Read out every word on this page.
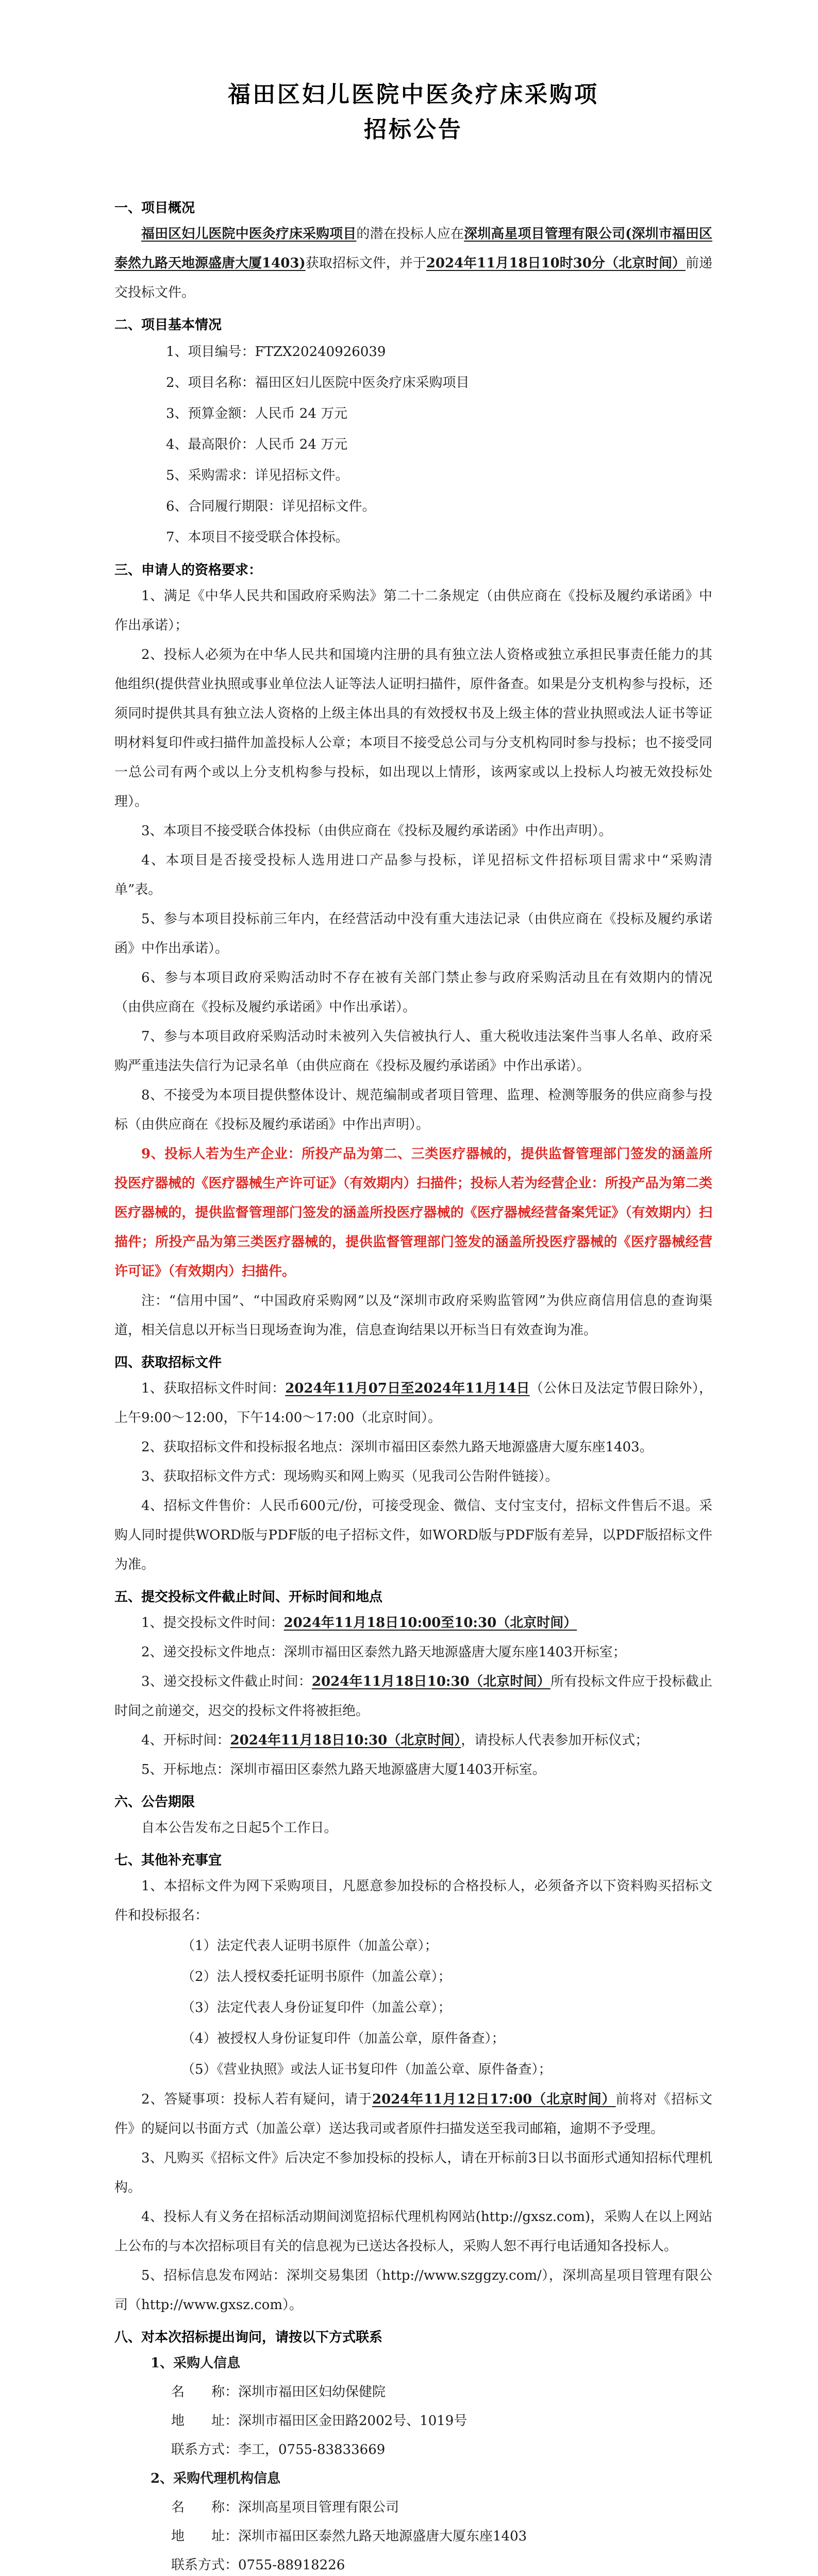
福田区妇儿医院中医灸疗床采购项

招标公告

一、项目概况

福田区妇儿医院中医灸疗床采购项目的潜在投标人应在深圳高星项目管理有限公司(深圳市福田区泰然九路天地源盛唐大厦1403)获取招标文件，并于2024年11月18日10时30分（北京时间）前递交投标文件。

二、项目基本情况

1、项目编号：FTZX20240926039

2、项目名称：福田区妇儿医院中医灸疗床采购项目

3、预算金额：人民币 24 万元

4、最高限价：人民币 24 万元

5、采购需求：详见招标文件。

6、合同履行期限：详见招标文件。

7、本项目不接受联合体投标。

三、申请人的资格要求：

1、满足《中华人民共和国政府采购法》第二十二条规定（由供应商在《投标及履约承诺函》中作出承诺）；

2、投标人必须为在中华人民共和国境内注册的具有独立法人资格或独立承担民事责任能力的其他组织(提供营业执照或事业单位法人证等法人证明扫描件，原件备查。如果是分支机构参与投标，还须同时提供其具有独立法人资格的上级主体出具的有效授权书及上级主体的营业执照或法人证书等证明材料复印件或扫描件加盖投标人公章；本项目不接受总公司与分支机构同时参与投标；也不接受同一总公司有两个或以上分支机构参与投标，如出现以上情形，该两家或以上投标人均被无效投标处理）。

3、本项目不接受联合体投标（由供应商在《投标及履约承诺函》中作出声明）。

4、本项目是否接受投标人选用进口产品参与投标，详见招标文件招标项目需求中“采购清单”表。

5、参与本项目投标前三年内，在经营活动中没有重大违法记录（由供应商在《投标及履约承诺函》中作出承诺）。

6、参与本项目政府采购活动时不存在被有关部门禁止参与政府采购活动且在有效期内的情况（由供应商在《投标及履约承诺函》中作出承诺）。

7、参与本项目政府采购活动时未被列入失信被执行人、重大税收违法案件当事人名单、政府采购严重违法失信行为记录名单（由供应商在《投标及履约承诺函》中作出承诺）。

8、不接受为本项目提供整体设计、规范编制或者项目管理、监理、检测等服务的供应商参与投标（由供应商在《投标及履约承诺函》中作出声明）。

9、投标人若为生产企业：所投产品为第二、三类医疗器械的，提供监督管理部门签发的涵盖所投医疗器械的《医疗器械生产许可证》（有效期内）扫描件；投标人若为经营企业：所投产品为第二类医疗器械的，提供监督管理部门签发的涵盖所投医疗器械的《医疗器械经营备案凭证》（有效期内）扫描件；所投产品为第三类医疗器械的，提供监督管理部门签发的涵盖所投医疗器械的《医疗器械经营许可证》（有效期内）扫描件。

注：“信用中国”、“中国政府采购网”以及“深圳市政府采购监管网”为供应商信用信息的查询渠道，相关信息以开标当日现场查询为准，信息查询结果以开标当日有效查询为准。

四、获取招标文件

1、获取招标文件时间：2024年11月07日至2024年11月14日（公休日及法定节假日除外），上午9:00～12:00，下午14:00～17:00（北京时间）。

2、获取招标文件和投标报名地点：深圳市福田区泰然九路天地源盛唐大厦东座1403。

3、获取招标文件方式：现场购买和网上购买（见我司公告附件链接）。

4、招标文件售价：人民币600元/份，可接受现金、微信、支付宝支付，招标文件售后不退。采购人同时提供WORD版与PDF版的电子招标文件，如WORD版与PDF版有差异，以PDF版招标文件为准。

五、提交投标文件截止时间、开标时间和地点

1、提交投标文件时间：2024年11月18日10:00至10:30（北京时间）

2、递交投标文件地点：深圳市福田区泰然九路天地源盛唐大厦东座1403开标室；

3、递交投标文件截止时间：2024年11月18日10:30（北京时间）所有投标文件应于投标截止时间之前递交，迟交的投标文件将被拒绝。

4、开标时间：2024年11月18日10:30（北京时间），请投标人代表参加开标仪式；

5、开标地点：深圳市福田区泰然九路天地源盛唐大厦1403开标室。

六、公告期限

自本公告发布之日起5个工作日。

七、其他补充事宜

1、本招标文件为网下采购项目，凡愿意参加投标的合格投标人，必须备齐以下资料购买招标文件和投标报名：

（1）法定代表人证明书原件（加盖公章）；

（2）法人授权委托证明书原件（加盖公章）；

（3）法定代表人身份证复印件（加盖公章）；

（4）被授权人身份证复印件（加盖公章，原件备查）；

（5）《营业执照》或法人证书复印件（加盖公章、原件备查）；

2、答疑事项：投标人若有疑问，请于2024年11月12日17:00（北京时间）前将对《招标文件》的疑问以书面方式（加盖公章）送达我司或者原件扫描发送至我司邮箱，逾期不予受理。

3、凡购买《招标文件》后决定不参加投标的投标人，请在开标前3日以书面形式通知招标代理机构。

4、投标人有义务在招标活动期间浏览招标代理机构网站(http://gxsz.com)，采购人在以上网站上公布的与本次招标项目有关的信息视为已送达各投标人，采购人恕不再行电话通知各投标人。

5、招标信息发布网站：深圳交易集团（http://www.szggzy.com/），深圳高星项目管理有限公司（http://www.gxsz.com）。

八、对本次招标提出询问，请按以下方式联系

1、采购人信息

名　　称：深圳市福田区妇幼保健院

地　　址：深圳市福田区金田路2002号、1019号

联系方式：李工，0755-83833669

2、采购代理机构信息

名　　称：深圳高星项目管理有限公司

地　　址：深圳市福田区泰然九路天地源盛唐大厦东座1403

联系方式：0755-88918226
